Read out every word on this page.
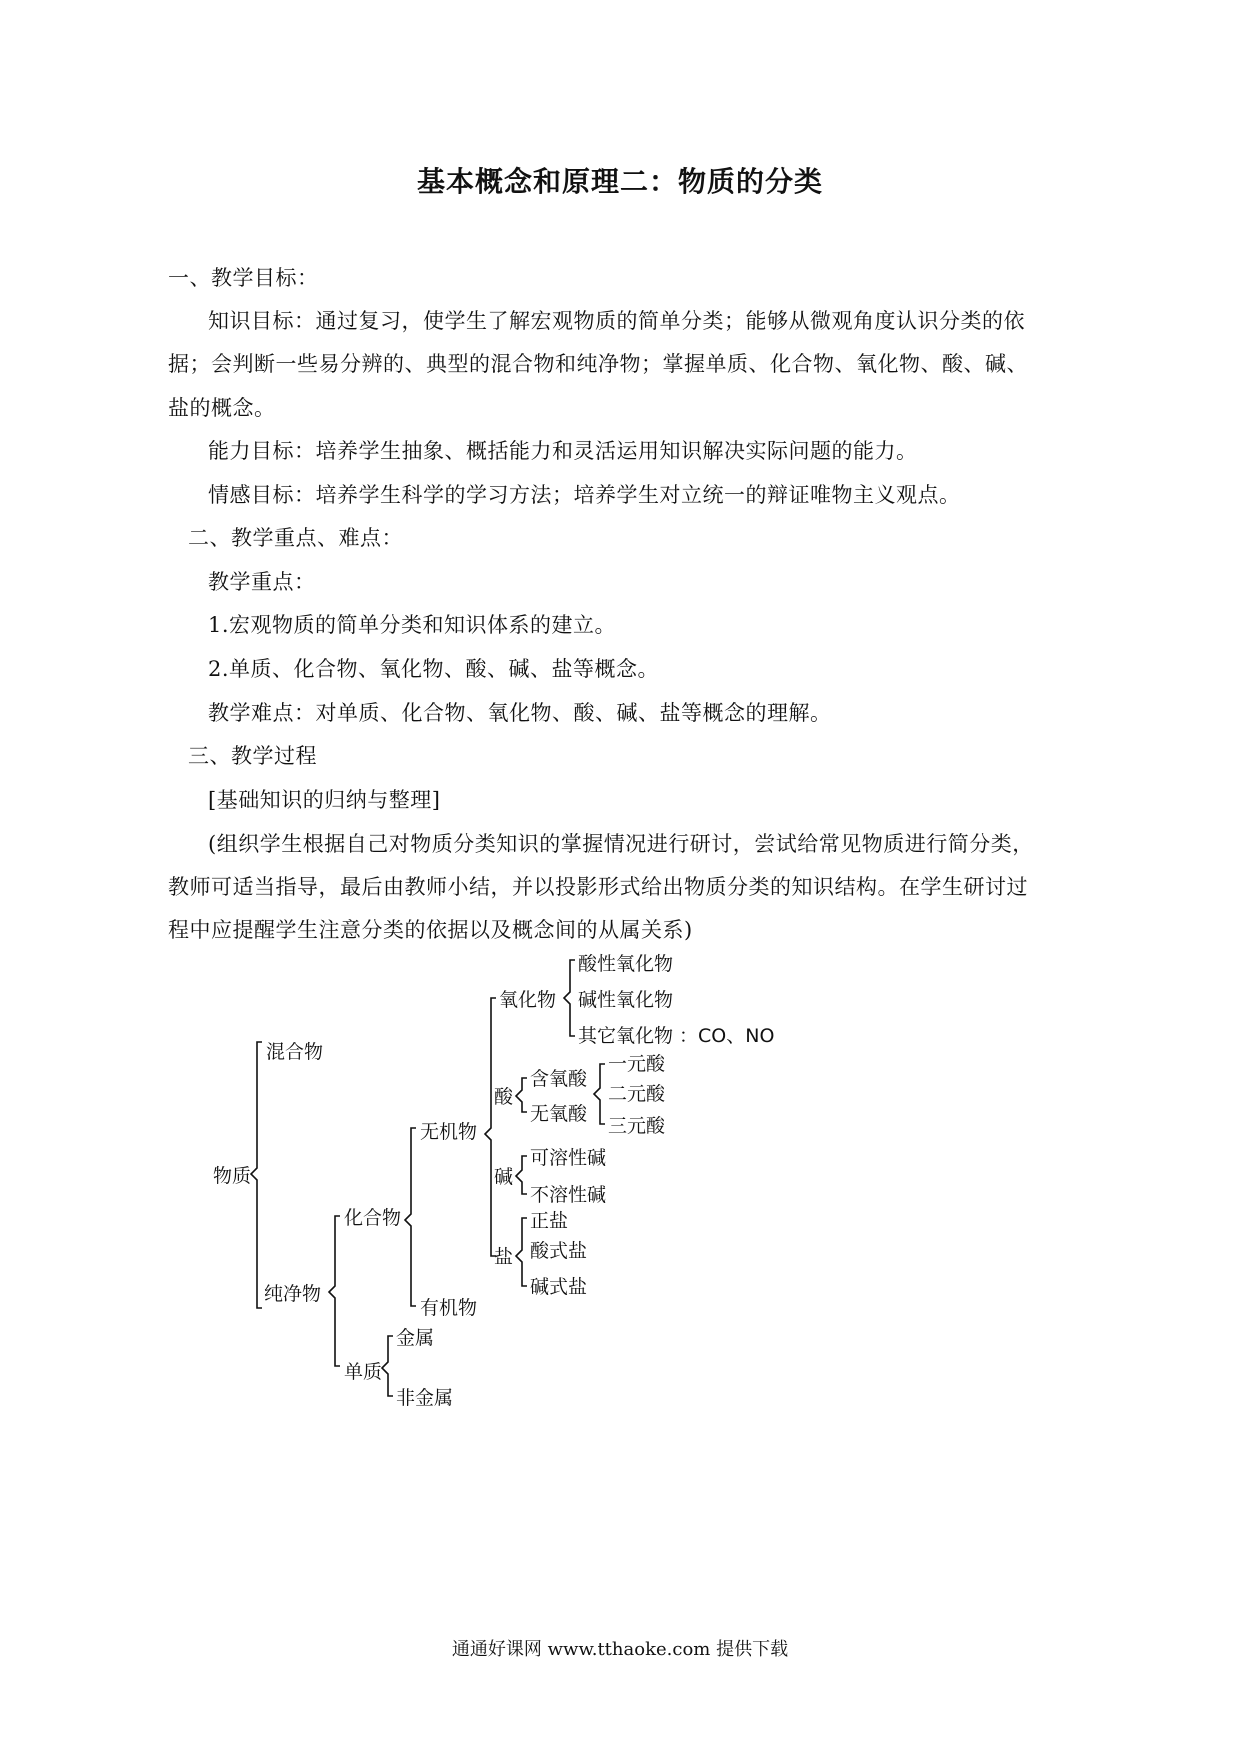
基本概念和原理二：物质的分类
一、教学目标：
知识目标：通过复习，使学生了解宏观物质的简单分类；能够从微观角度认识分类的依
据；会判断一些易分辨的、典型的混合物和纯净物；掌握单质、化合物、氧化物、酸、碱、
盐的概念。
能力目标：培养学生抽象、概括能力和灵活运用知识解决实际问题的能力。
情感目标：培养学生科学的学习方法；培养学生对立统一的辩证唯物主义观点。
二、教学重点、难点：
教学重点：
1.宏观物质的简单分类和知识体系的建立。
2.单质、化合物、氧化物、酸、碱、盐等概念。
教学难点：对单质、化合物、氧化物、酸、碱、盐等概念的理解。
三、教学过程
[基础知识的归纳与整理]
(组织学生根据自己对物质分类知识的掌握情况进行研讨，尝试给常见物质进行简分类，
教师可适当指导，最后由教师小结，并以投影形式给出物质分类的知识结构。在学生研讨过
程中应提醒学生注意分类的依据以及概念间的从属关系)
物质
混合物
纯净物
化合物
单质
金属
非金属
无机物
有机物
氧化物
酸性氧化物
碱性氧化物
其它氧化物 ：CO、NO
酸
含氧酸
无氧酸
一元酸
二元酸
三元酸
碱
可溶性碱
不溶性碱
盐
正盐
酸式盐
碱式盐
通通好课网 www.tthaoke.com 提供下载
